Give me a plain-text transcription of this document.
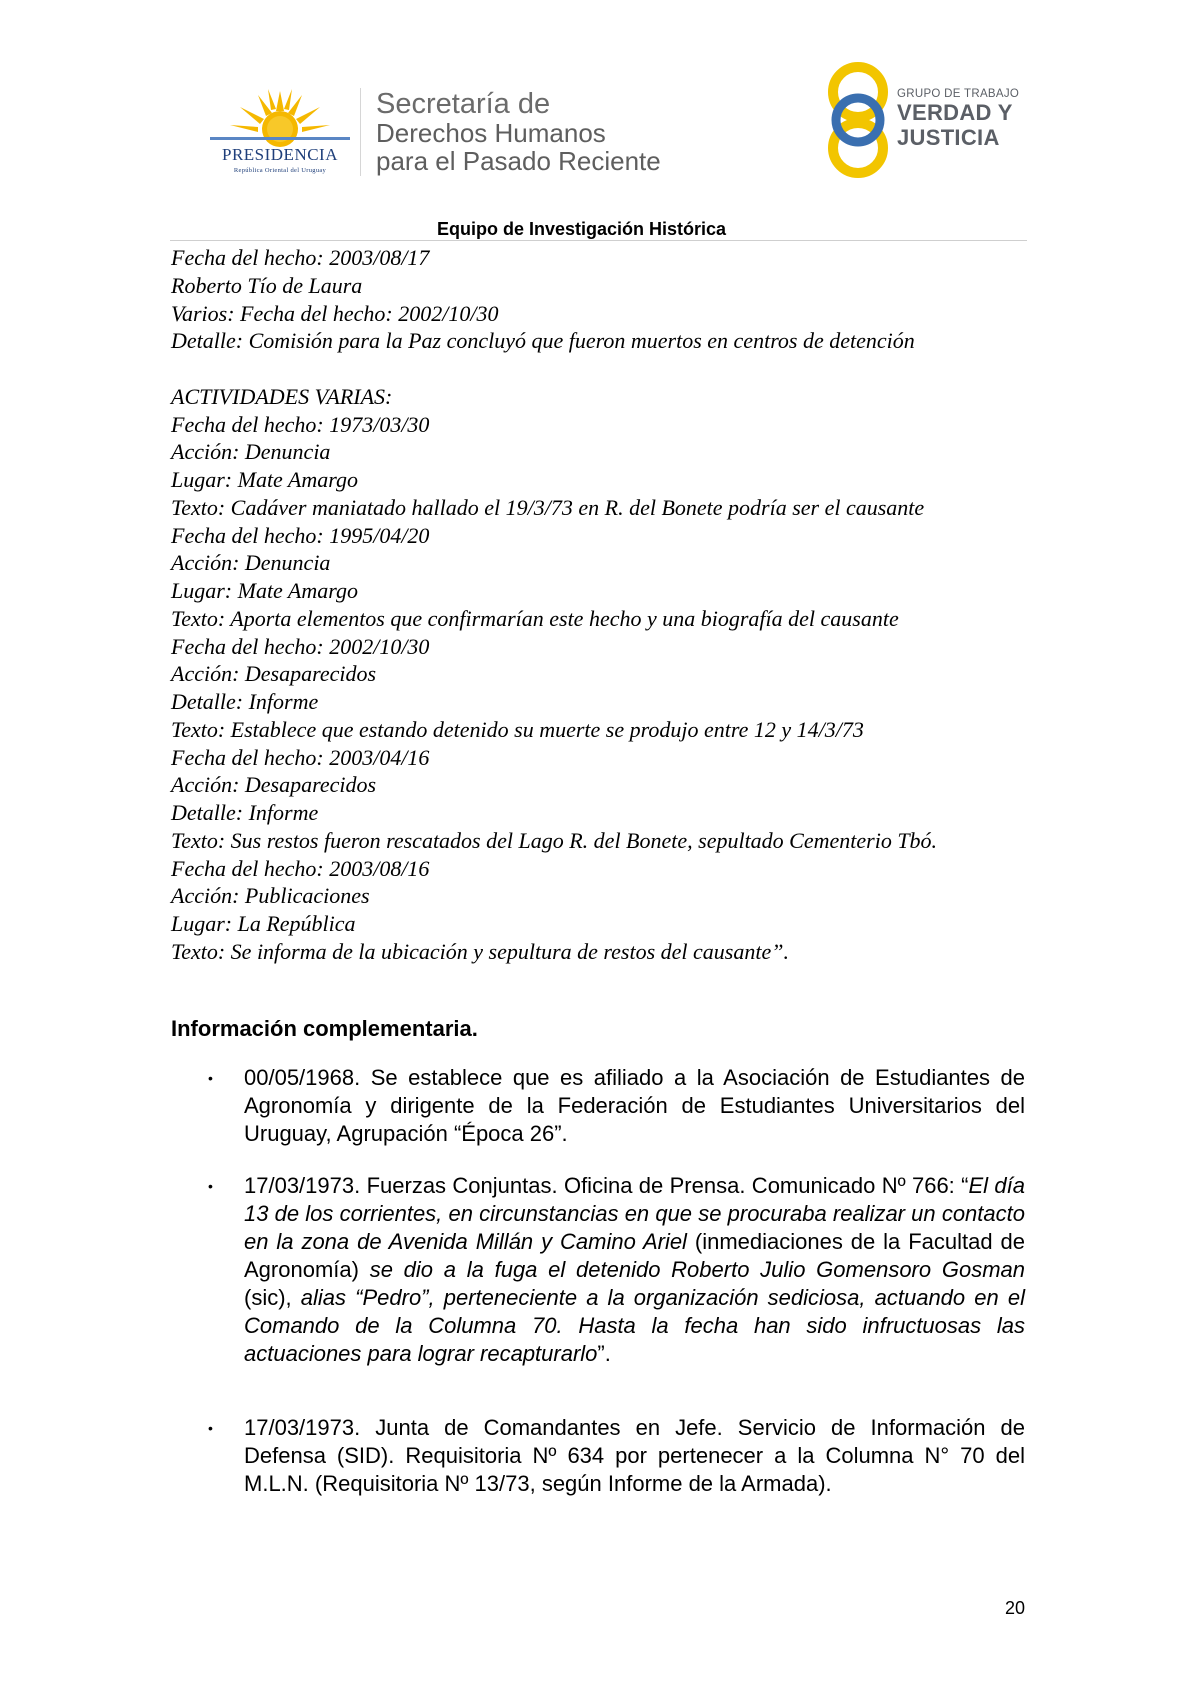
PRESIDENCIA
República Oriental del Uruguay
Secretaría de
Derechos Humanos
para el Pasado Reciente
GRUPO DE TRABAJO
VERDAD Y
JUSTICIA
Equipo de Investigación Histórica
Fecha del hecho: 2003/08/17
Roberto Tío de Laura
Varios: Fecha del hecho: 2002/10/30
Detalle: Comisión para la Paz concluyó que fueron muertos en centros de detención
ACTIVIDADES VARIAS:
Fecha del hecho: 1973/03/30
Acción: Denuncia
Lugar: Mate Amargo
Texto: Cadáver maniatado hallado el 19/3/73 en R. del Bonete podría ser el causante
Fecha del hecho: 1995/04/20
Acción: Denuncia
Lugar: Mate Amargo
Texto: Aporta elementos que confirmarían este hecho y una biografía del causante
Fecha del hecho: 2002/10/30
Acción: Desaparecidos
Detalle: Informe
Texto: Establece que estando detenido su muerte se produjo entre 12 y 14/3/73
Fecha del hecho: 2003/04/16
Acción: Desaparecidos
Detalle: Informe
Texto: Sus restos fueron rescatados del Lago R. del Bonete, sepultado Cementerio Tbó.
Fecha del hecho: 2003/08/16
Acción: Publicaciones
Lugar: La República
Texto: Se informa de la ubicación y sepultura de restos del causante”.
Información complementaria.
• 00/05/1968. Se establece que es afiliado a la Asociación de Estudiantes de Agronomía y dirigente de la Federación de Estudiantes Universitarios del Uruguay, Agrupación “Época 26”.
• 17/03/1973. Fuerzas Conjuntas. Oficina de Prensa. Comunicado Nº 766: “El día 13 de los corrientes, en circunstancias en que se procuraba realizar un contacto en la zona de Avenida Millán y Camino Ariel (inmediaciones de la Facultad de Agronomía) se dio a la fuga el detenido Roberto Julio Gomensoro Gosman (sic), alias “Pedro”, perteneciente a la organización sediciosa, actuando en el Comando de la Columna 70. Hasta la fecha han sido infructuosas las actuaciones para lograr recapturarlo”.
• 17/03/1973. Junta de Comandantes en Jefe. Servicio de Información de Defensa (SID). Requisitoria Nº 634 por pertenecer a la Columna N° 70 del M.L.N. (Requisitoria Nº 13/73, según Informe de la Armada).
20
